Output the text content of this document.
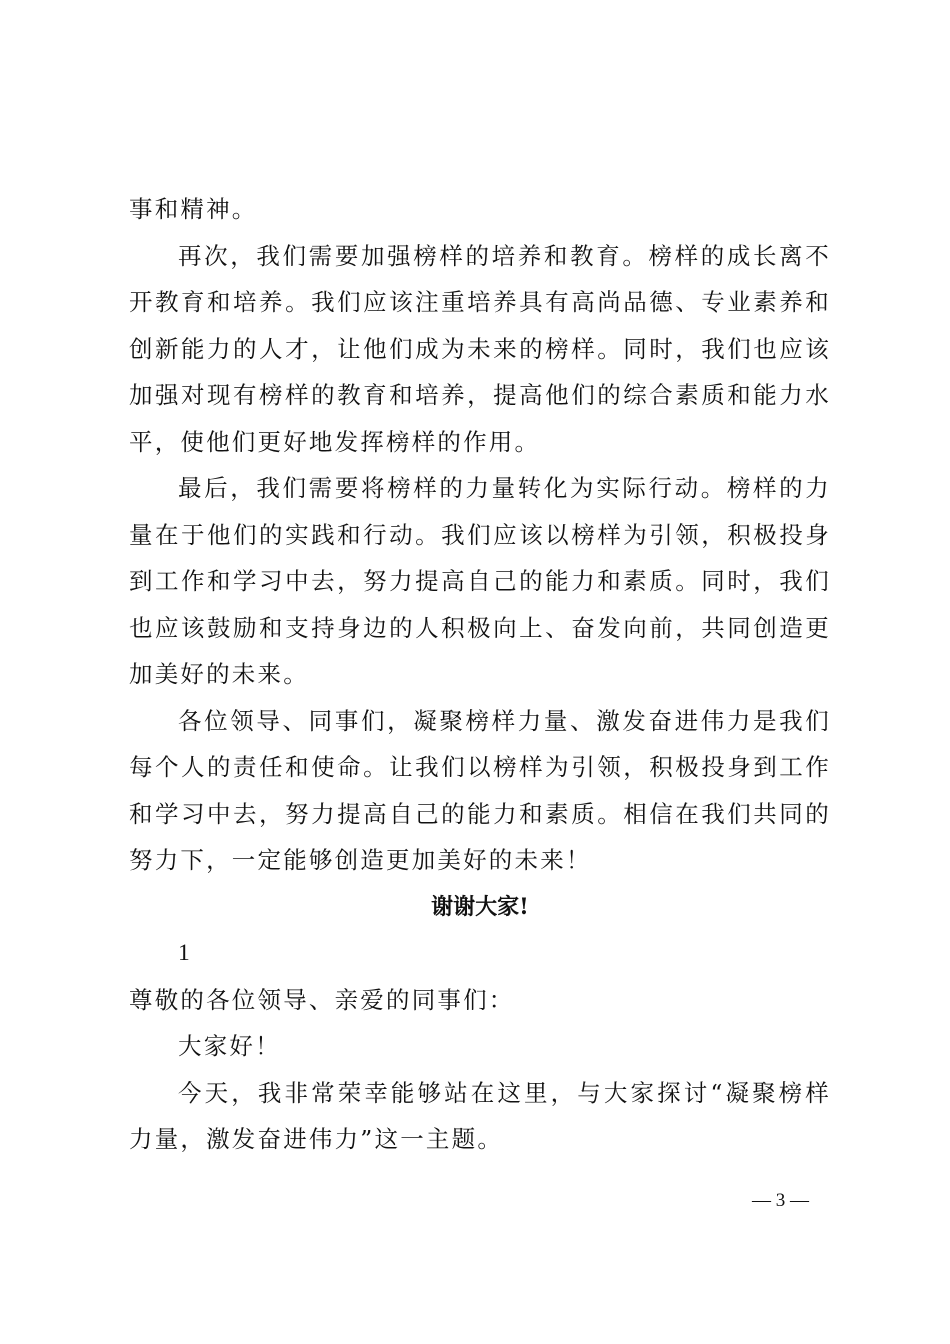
事和精神。

再次，我们需要加强榜样的培养和教育。榜样的成长离不开教育和培养。我们应该注重培养具有高尚品德、专业素养和创新能力的人才，让他们成为未来的榜样。同时，我们也应该加强对现有榜样的教育和培养，提高他们的综合素质和能力水平，使他们更好地发挥榜样的作用。

最后，我们需要将榜样的力量转化为实际行动。榜样的力量在于他们的实践和行动。我们应该以榜样为引领，积极投身到工作和学习中去，努力提高自己的能力和素质。同时，我们也应该鼓励和支持身边的人积极向上、奋发向前，共同创造更加美好的未来。

各位领导、同事们，凝聚榜样力量、激发奋进伟力是我们每个人的责任和使命。让我们以榜样为引领，积极投身到工作和学习中去，努力提高自己的能力和素质。相信在我们共同的努力下，一定能够创造更加美好的未来！

谢谢大家!

1

尊敬的各位领导、亲爱的同事们：

大家好！

今天，我非常荣幸能够站在这里，与大家探讨“凝聚榜样力量，激发奋进伟力”这一主题。

— 3 —
